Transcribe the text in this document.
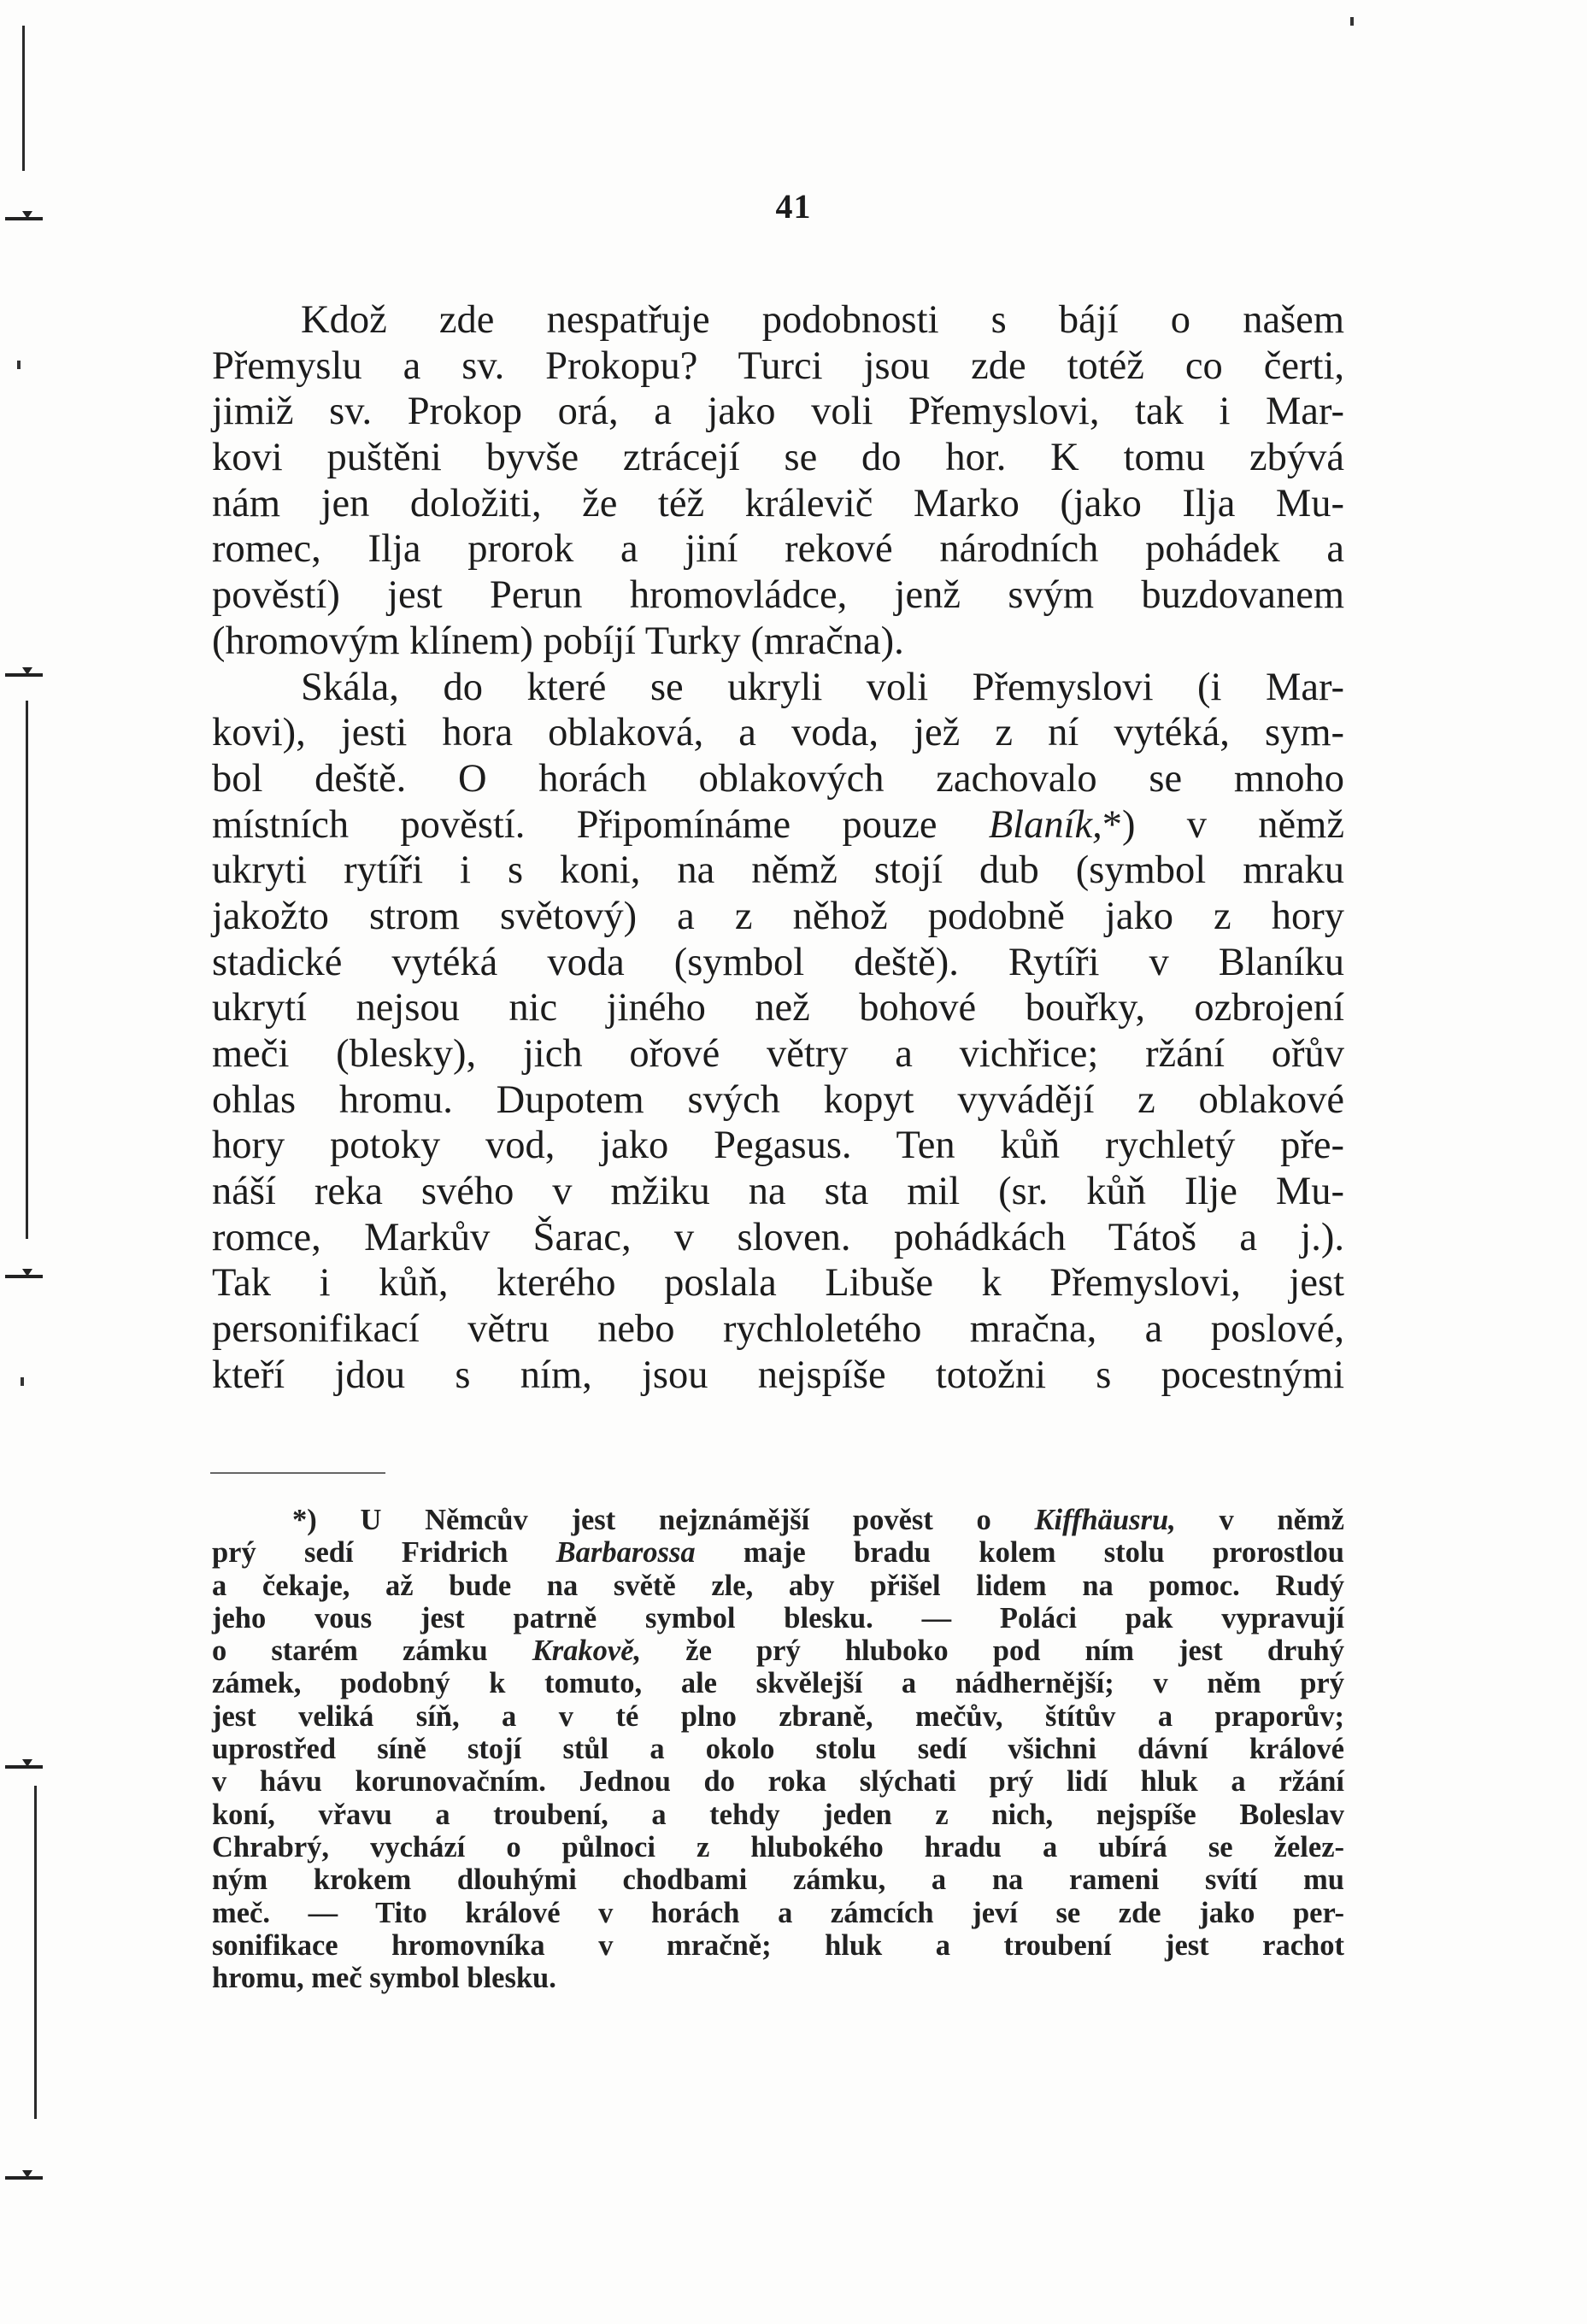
41
Kdož zde nespatřuje podobnosti s bájí o našem
Přemyslu a sv. Prokopu? Turci jsou zde totéž co čerti,
jimiž sv. Prokop orá, a jako voli Přemyslovi, tak i Mar-
kovi puštěni byvše ztrácejí se do hor. K tomu zbývá
nám jen doložiti, že též králevič Marko (jako Ilja Mu-
romec, Ilja prorok a jiní rekové národních pohádek a
pověstí) jest Perun hromovládce, jenž svým buzdovanem
(hromovým klínem) pobíjí Turky (mračna).
Skála, do které se ukryli voli Přemyslovi (i Mar-
kovi), jesti hora oblaková, a voda, jež z ní vytéká, sym-
bol deště. O horách oblakových zachovalo se mnoho
místních pověstí. Připomínáme pouze Blaník,*) v němž
ukryti rytíři i s koni, na němž stojí dub (symbol mraku
jakožto strom světový) a z něhož podobně jako z hory
stadické vytéká voda (symbol deště). Rytíři v Blaníku
ukrytí nejsou nic jiného než bohové bouřky, ozbrojení
meči (blesky), jich ořové větry a vichřice; ržání ořův
ohlas hromu. Dupotem svých kopyt vyvádějí z oblakové
hory potoky vod, jako Pegasus. Ten kůň rychletý pře-
náší reka svého v mžiku na sta mil (sr. kůň Ilje Mu-
romce, Markův Šarac, v sloven. pohádkách Tátoš a j.).
Tak i kůň, kterého poslala Libuše k Přemyslovi, jest
personifikací větru nebo rychloletého mračna, a poslové,
kteří jdou s ním, jsou nejspíše totožni s pocestnými
*) U Němcův jest nejznámější pověst o Kiffhäusru, v němž
prý sedí Fridrich Barbarossa maje bradu kolem stolu prorostlou
a čekaje, až bude na světě zle, aby přišel lidem na pomoc. Rudý
jeho vous jest patrně symbol blesku. — Poláci pak vypravují
o starém zámku Krakově, že prý hluboko pod ním jest druhý
zámek, podobný k tomuto, ale skvělejší a nádhernější; v něm prý
jest veliká síň, a v té plno zbraně, mečův, štítův a praporův;
uprostřed síně stojí stůl a okolo stolu sedí všichni dávní králové
v hávu korunovačním. Jednou do roka slýchati prý lidí hluk a ržání
koní, vřavu a troubení, a tehdy jeden z nich, nejspíše Boleslav
Chrabrý, vychází o půlnoci z hlubokého hradu a ubírá se želez-
ným krokem dlouhými chodbami zámku, a na rameni svítí mu
meč. — Tito králové v horách a zámcích jeví se zde jako per-
sonifikace hromovníka v mračně; hluk a troubení jest rachot
hromu, meč symbol blesku.
